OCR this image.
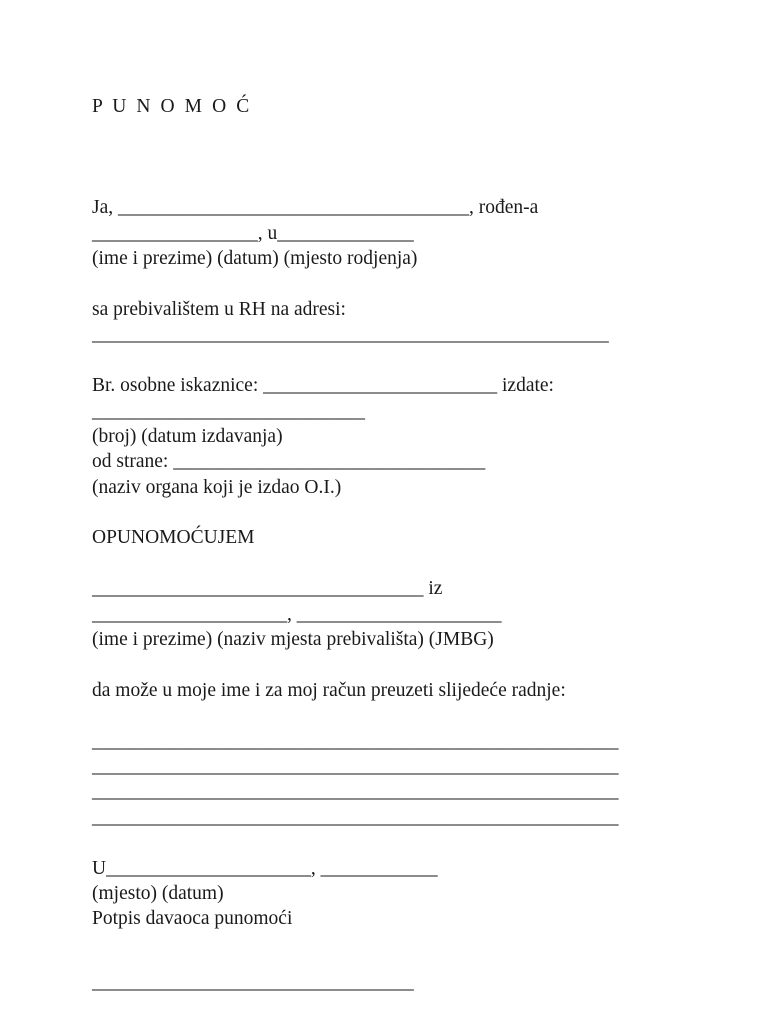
P U N O M O Ć
Ja, ____________________________________, rođen-a
_________________, u______________
(ime i prezime) (datum) (mjesto rodjenja)
sa prebivalištem u RH na adresi:
_____________________________________________________
Br. osobne iskaznice: ________________________ izdate:
____________________________
(broj) (datum izdavanja)
od strane: ________________________________
(naziv organa koji je izdao O.I.)
OPUNOMOĆUJEM
__________________________________ iz
____________________, _____________________
(ime i prezime) (naziv mjesta prebivališta) (JMBG)
da može u moje ime i za moj račun preuzeti slijedeće radnje:
______________________________________________________
______________________________________________________
______________________________________________________
______________________________________________________
U_____________________, ____________
(mjesto) (datum)
Potpis davaoca punomoći
_________________________________
